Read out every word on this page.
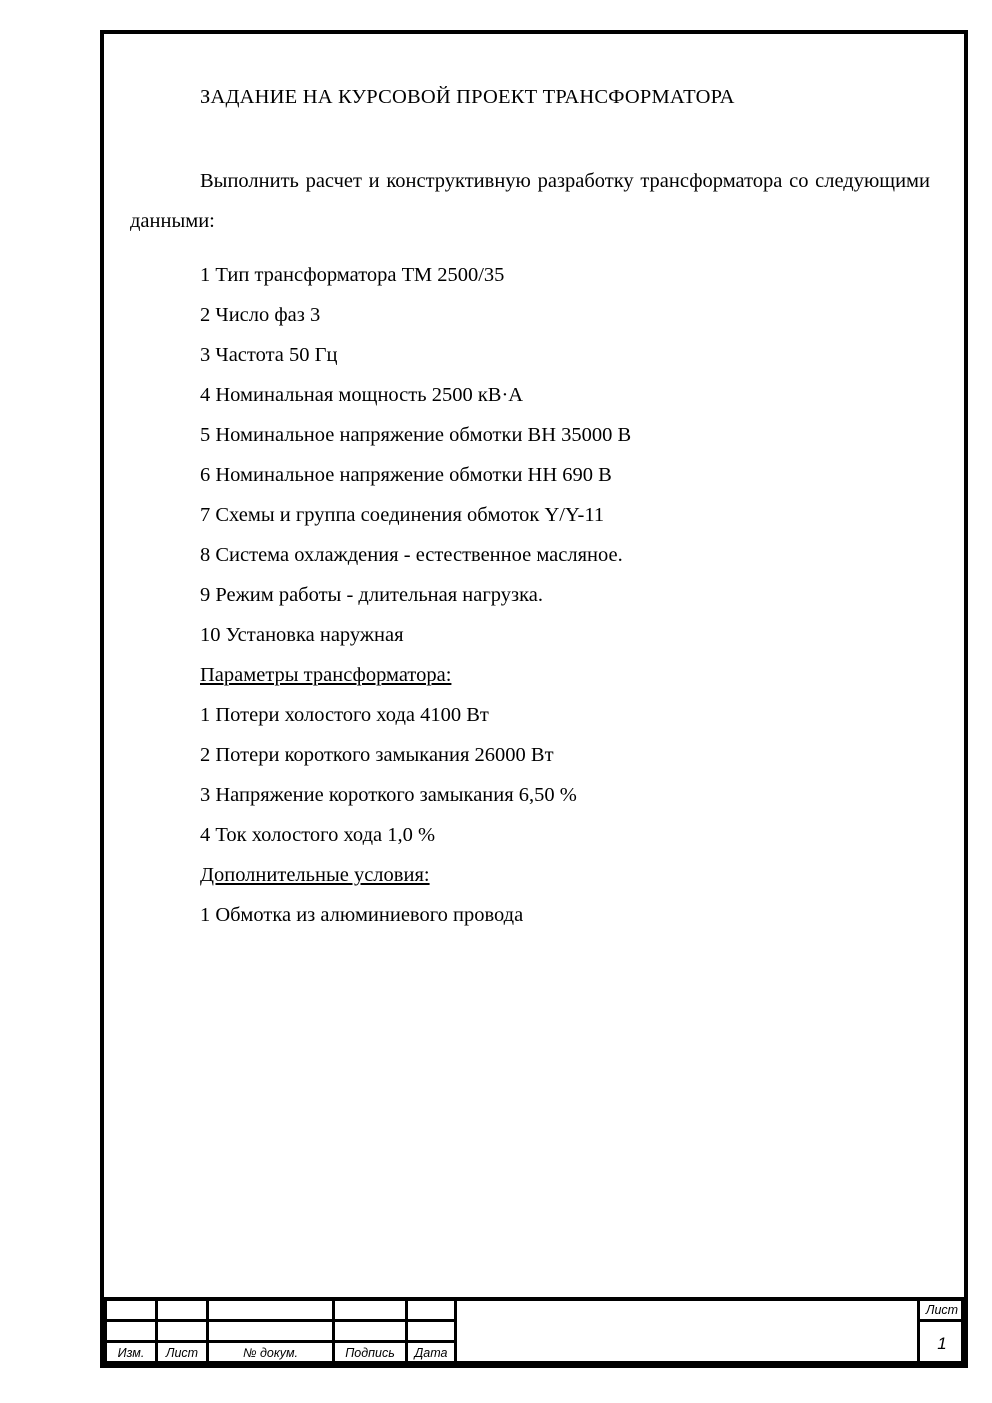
ЗАДАНИЕ НА КУРСОВОЙ ПРОЕКТ ТРАНСФОРМАТОРА

Выполнить расчет и конструктивную разработку трансформатора со следующими данными:

1 Тип трансформатора ТМ 2500/35
2 Число фаз 3
3 Частота 50 Гц
4 Номинальная мощность 2500 кВ·А
5 Номинальное напряжение обмотки ВН 35000 В
6 Номинальное напряжение обмотки НН 690 В
7 Схемы и группа соединения обмоток Y/Y-11
8 Система охлаждения - естественное масляное.
9 Режим работы - длительная нагрузка.
10 Установка наружная
Параметры трансформатора:
1 Потери холостого хода 4100 Вт
2 Потери короткого замыкания 26000 Вт
3 Напряжение короткого замыкания 6,50 %
4 Ток холостого хода 1,0 %
Дополнительные условия:
1 Обмотка из алюминиевого провода
Изм.	Лист	№ докум.	Подпись	Дата
Лист
1
